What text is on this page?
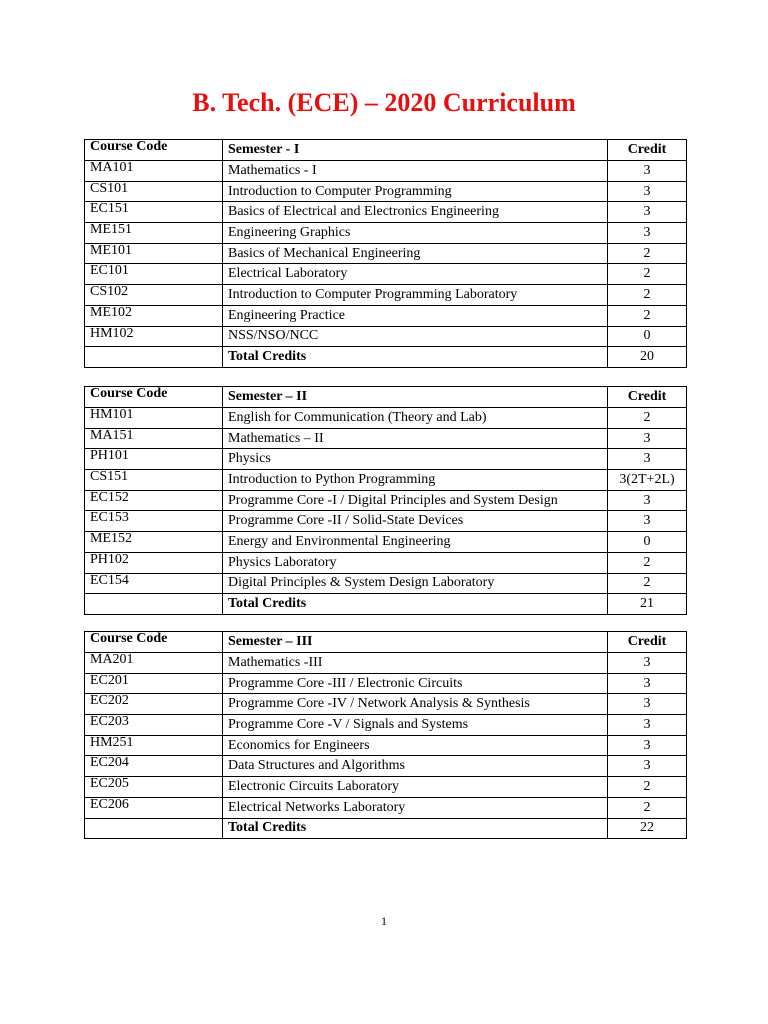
B. Tech. (ECE) – 2020 Curriculum
Course Code	Semester - I	Credit
MA101	Mathematics - I	3
CS101	Introduction to Computer Programming	3
EC151	Basics of Electrical and Electronics Engineering	3
ME151	Engineering Graphics	3
ME101	Basics of Mechanical Engineering	2
EC101	Electrical Laboratory	2
CS102	Introduction to Computer Programming Laboratory	2
ME102	Engineering Practice	2
HM102	NSS/NSO/NCC	0
	Total Credits	20
Course Code	Semester – II	Credit
HM101	English for Communication (Theory and Lab)	2
MA151	Mathematics – II	3
PH101	Physics	3
CS151	Introduction to Python Programming	3(2T+2L)
EC152	Programme Core -I / Digital Principles and System Design	3
EC153	Programme Core -II / Solid-State Devices	3
ME152	Energy and Environmental Engineering	0
PH102	Physics Laboratory	2
EC154	Digital Principles & System Design Laboratory	2
	Total Credits	21
Course Code	Semester – III	Credit
MA201	Mathematics -III	3
EC201	Programme Core -III / Electronic Circuits	3
EC202	Programme Core -IV / Network Analysis & Synthesis	3
EC203	Programme Core -V / Signals and Systems	3
HM251	Economics for Engineers	3
EC204	Data Structures and Algorithms	3
EC205	Electronic Circuits Laboratory	2
EC206	Electrical Networks Laboratory	2
	Total Credits	22
1
